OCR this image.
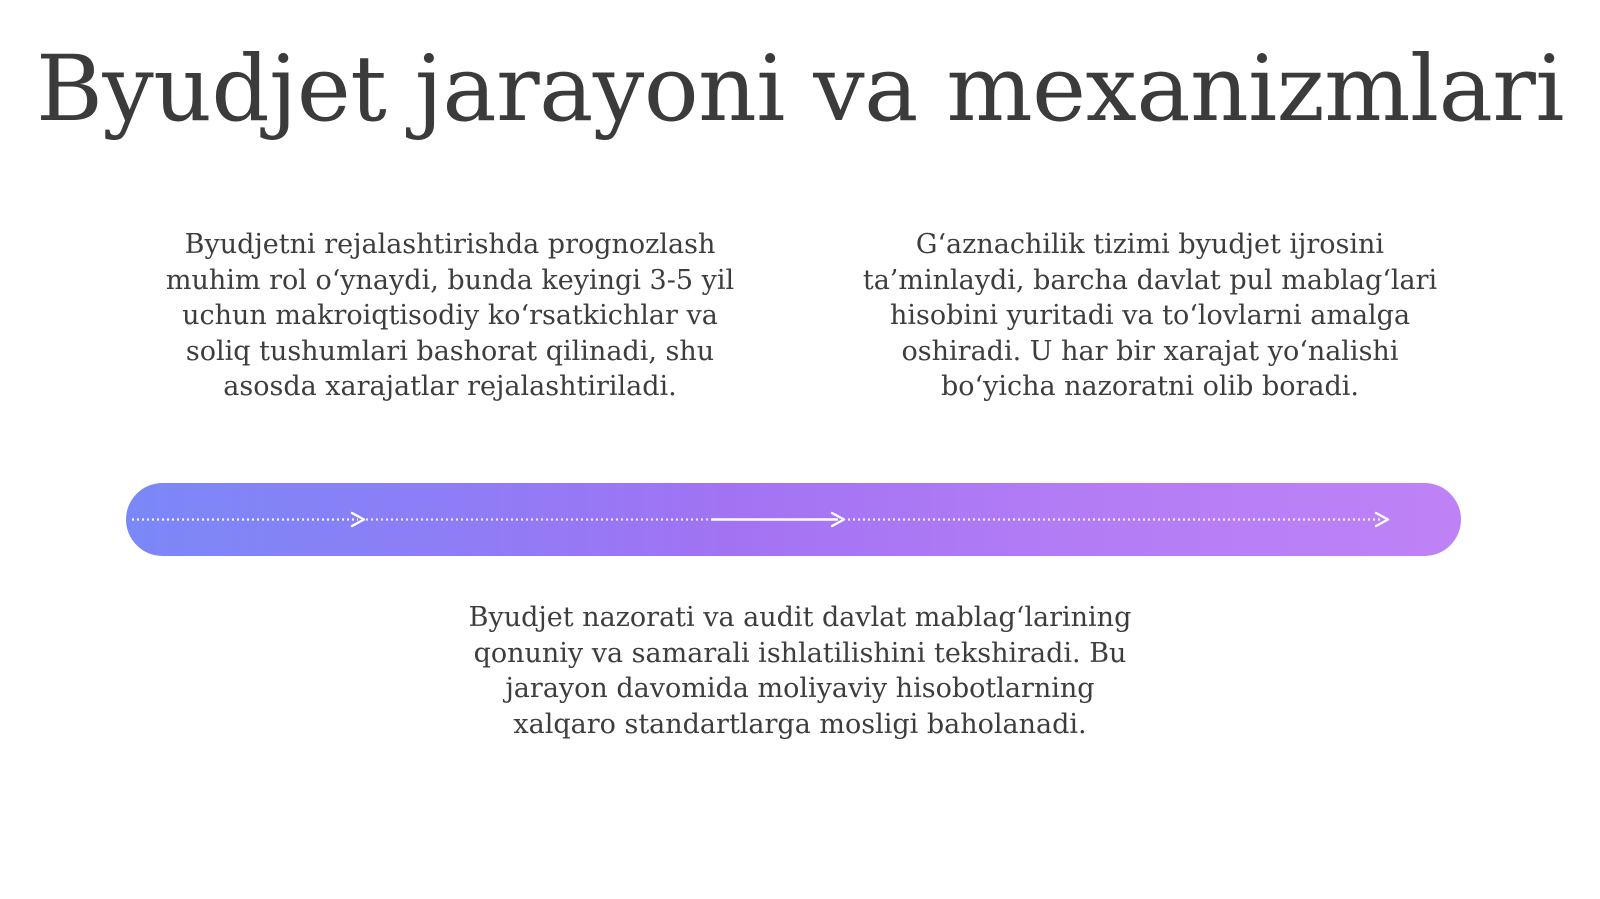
Byudjet jarayoni va mexanizmlari
Byudjetni rejalashtirishda prognozlash muhim rol o‘ynaydi, bunda keyingi 3-5 yil uchun makroiqtisodiy ko‘rsatkichlar va soliq tushumlari bashorat qilinadi, shu asosda xarajatlar rejalashtiriladi.
G‘aznachilik tizimi byudjet ijrosini ta’minlaydi, barcha davlat pul mablag‘lari hisobini yuritadi va to‘lovlarni amalga oshiradi. U har bir xarajat yo‘nalishi bo‘yicha nazoratni olib boradi.
Byudjet nazorati va audit davlat mablag‘larining qonuniy va samarali ishlatilishini tekshiradi. Bu jarayon davomida moliyaviy hisobotlarning xalqaro standartlarga mosligi baholanadi.
